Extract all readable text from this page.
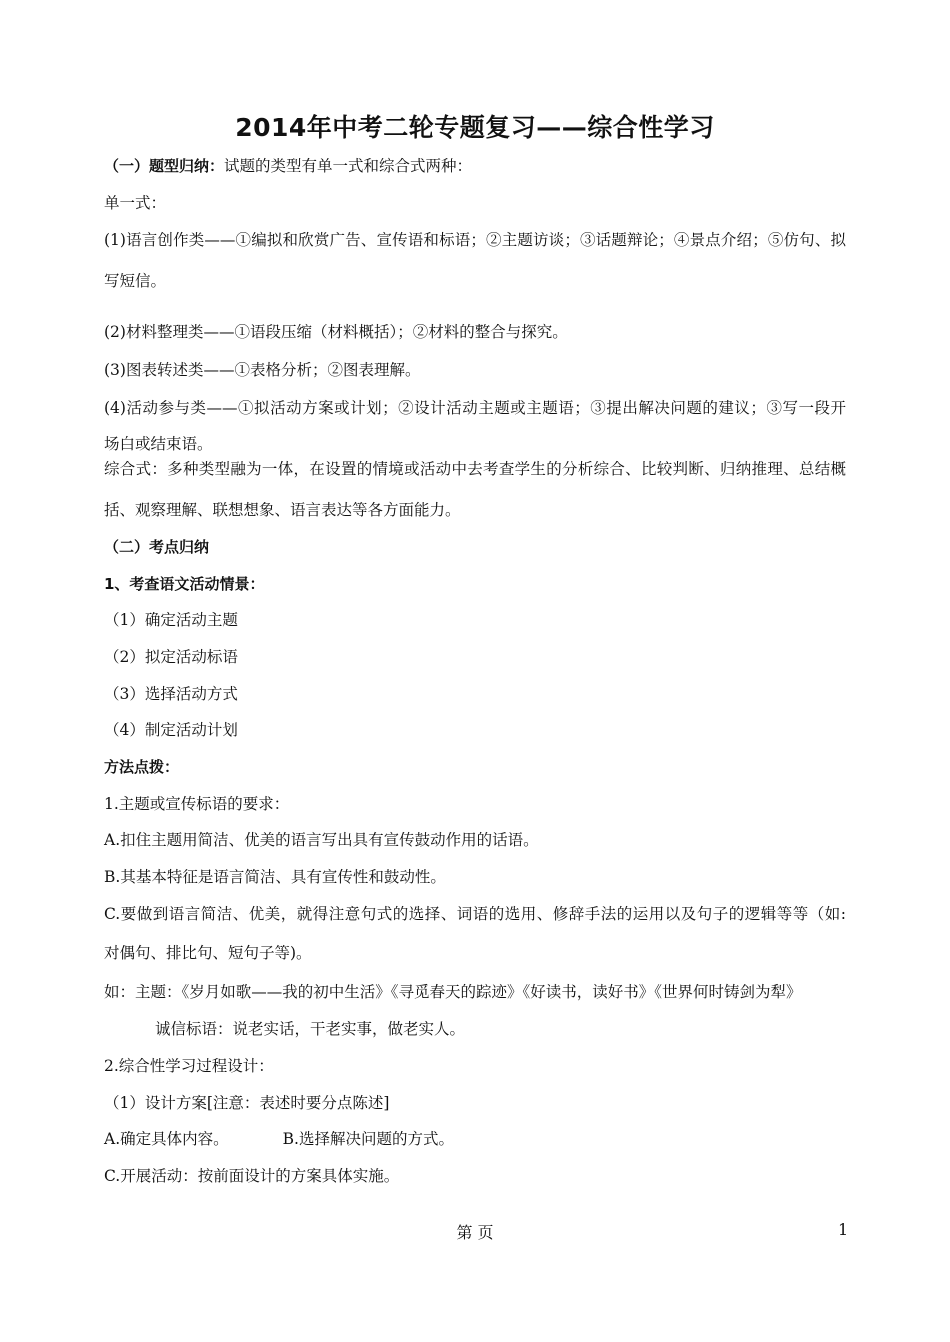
2014年中考二轮专题复习——综合性学习
（一）题型归纳：试题的类型有单一式和综合式两种：
单一式：
(1)语言创作类——①编拟和欣赏广告、宣传语和标语；②主题访谈；③话题辩论；④景点介绍；⑤仿句、拟
写短信。
(2)材料整理类——①语段压缩（材料概括）；②材料的整合与探究。
(3)图表转述类——①表格分析；②图表理解。
(4)活动参与类——①拟活动方案或计划；②设计活动主题或主题语；③提出解决问题的建议；③写一段开
场白或结束语。
综合式：多种类型融为一体，在设置的情境或活动中去考查学生的分析综合、比较判断、归纳推理、总结概
括、观察理解、联想想象、语言表达等各方面能力。
（二）考点归纳
1、考查语文活动情景：
（1）确定活动主题
（2）拟定活动标语
（3）选择活动方式
（4）制定活动计划
方法点拨：
1.主题或宣传标语的要求：
A.扣住主题用简洁、优美的语言写出具有宣传鼓动作用的话语。
B.其基本特征是语言简洁、具有宣传性和鼓动性。
C.要做到语言简洁、优美，就得注意句式的选择、词语的选用、修辞手法的运用以及句子的逻辑等等（如:
对偶句、排比句、短句子等)。
如：主题：《岁月如歌——我的初中生活》《寻觅春天的踪迹》《好读书，读好书》《世界何时铸剑为犁》
诚信标语：说老实话，干老实事，做老实人。
2.综合性学习过程设计：
（1）设计方案[注意：表述时要分点陈述]
A.确定具体内容。	B.选择解决问题的方式。
C.开展活动：按前面设计的方案具体实施。
第 页	1
